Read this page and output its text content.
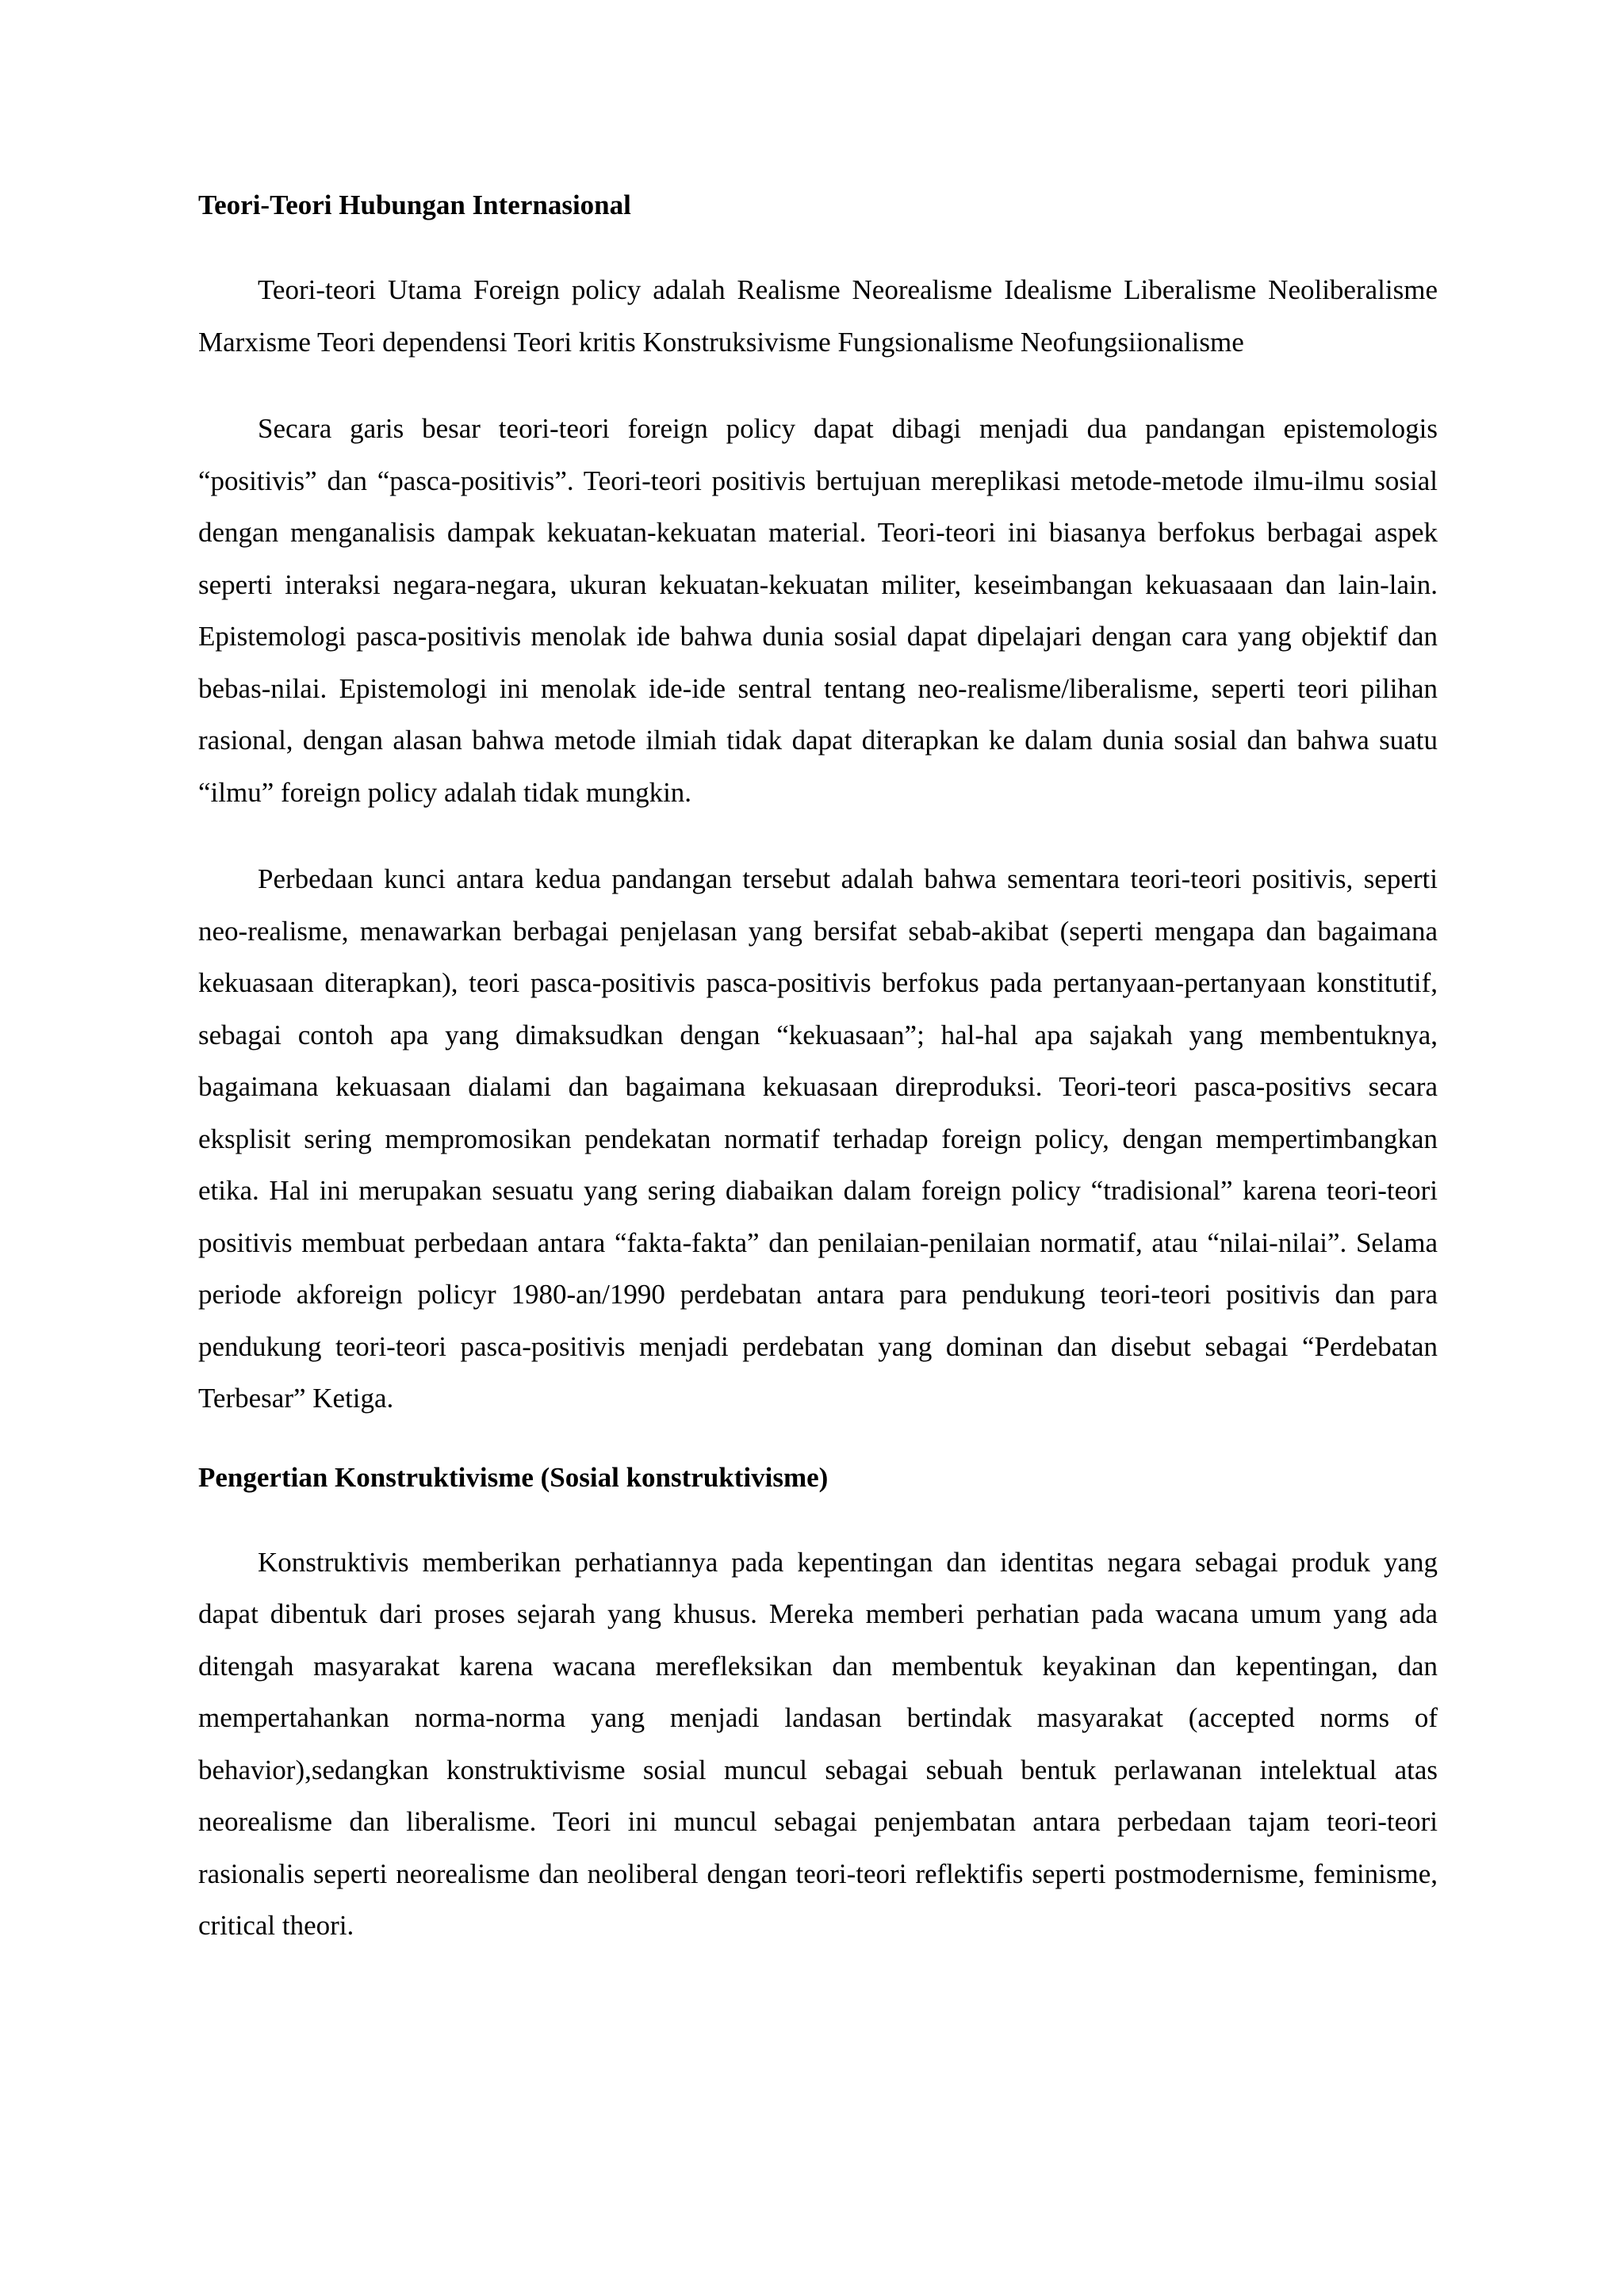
Teori-Teori Hubungan Internasional

Teori-teori Utama Foreign policy adalah Realisme Neorealisme Idealisme Liberalisme Neoliberalisme Marxisme Teori dependensi Teori kritis Konstruksivisme Fungsionalisme Neofungsiionalisme

Secara garis besar teori-teori foreign policy dapat dibagi menjadi dua pandangan epistemologis “positivis” dan “pasca-positivis”. Teori-teori positivis bertujuan mereplikasi metode-metode ilmu-ilmu sosial dengan menganalisis dampak kekuatan-kekuatan material. Teori-teori ini biasanya berfokus berbagai aspek seperti interaksi negara-negara, ukuran kekuatan-kekuatan militer, keseimbangan kekuasaaan dan lain-lain. Epistemologi pasca-positivis menolak ide bahwa dunia sosial dapat dipelajari dengan cara yang objektif dan bebas-nilai. Epistemologi ini menolak ide-ide sentral tentang neo-realisme/liberalisme, seperti teori pilihan rasional, dengan alasan bahwa metode ilmiah tidak dapat diterapkan ke dalam dunia sosial dan bahwa suatu “ilmu” foreign policy adalah tidak mungkin.

Perbedaan kunci antara kedua pandangan tersebut adalah bahwa sementara teori-teori positivis, seperti neo-realisme, menawarkan berbagai penjelasan yang bersifat sebab-akibat (seperti mengapa dan bagaimana kekuasaan diterapkan), teori pasca-positivis pasca-positivis berfokus pada pertanyaan-pertanyaan konstitutif, sebagai contoh apa yang dimaksudkan dengan “kekuasaan”; hal-hal apa sajakah yang membentuknya, bagaimana kekuasaan dialami dan bagaimana kekuasaan direproduksi. Teori-teori pasca-positivs secara eksplisit sering mempromosikan pendekatan normatif terhadap foreign policy, dengan mempertimbangkan etika. Hal ini merupakan sesuatu yang sering diabaikan dalam foreign policy “tradisional” karena teori-teori positivis membuat perbedaan antara “fakta-fakta” dan penilaian-penilaian normatif, atau “nilai-nilai”. Selama periode akforeign policyr 1980-an/1990 perdebatan antara para pendukung teori-teori positivis dan para pendukung teori-teori pasca-positivis menjadi perdebatan yang dominan dan disebut sebagai “Perdebatan Terbesar” Ketiga.

Pengertian Konstruktivisme (Sosial konstruktivisme)

Konstruktivis memberikan perhatiannya pada kepentingan dan identitas negara sebagai produk yang dapat dibentuk dari proses sejarah yang khusus. Mereka memberi perhatian pada wacana umum yang ada ditengah masyarakat karena wacana merefleksikan dan membentuk keyakinan dan kepentingan, dan mempertahankan norma-norma yang menjadi landasan bertindak masyarakat (accepted norms of behavior),sedangkan konstruktivisme sosial muncul sebagai sebuah bentuk perlawanan intelektual atas neorealisme dan liberalisme. Teori ini muncul sebagai penjembatan antara perbedaan tajam teori-teori rasionalis seperti neorealisme dan neoliberal dengan teori-teori reflektifis seperti postmodernisme, feminisme, critical theori.
